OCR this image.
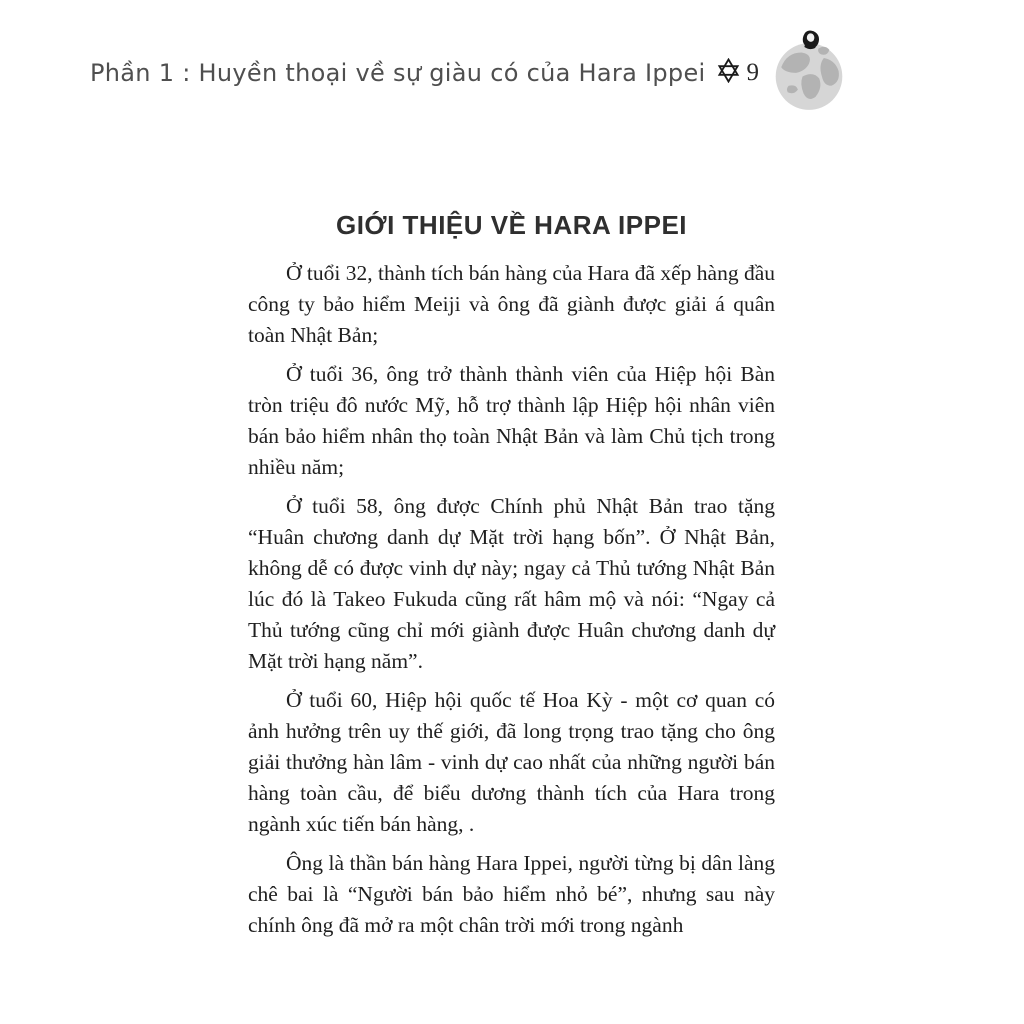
Phần 1 : Huyền thoại về sự giàu có của Hara Ippei 9
GIỚI THIỆU VỀ HARA IPPEI

Ở tuổi 32, thành tích bán hàng của Hara đã xếp hàng đầu công ty bảo hiểm Meiji và ông đã giành được giải á quân toàn Nhật Bản;

Ở tuổi 36, ông trở thành thành viên của Hiệp hội Bàn tròn triệu đô nước Mỹ, hỗ trợ thành lập Hiệp hội nhân viên bán bảo hiểm nhân thọ toàn Nhật Bản và làm Chủ tịch trong nhiều năm;

Ở tuổi 58, ông được Chính phủ Nhật Bản trao tặng “Huân chương danh dự Mặt trời hạng bốn”. Ở Nhật Bản, không dễ có được vinh dự này; ngay cả Thủ tướng Nhật Bản lúc đó là Takeo Fukuda cũng rất hâm mộ và nói: “Ngay cả Thủ tướng cũng chỉ mới giành được Huân chương danh dự Mặt trời hạng năm”.

Ở tuổi 60, Hiệp hội quốc tế Hoa Kỳ - một cơ quan có ảnh hưởng trên uy thế giới, đã long trọng trao tặng cho ông giải thưởng hàn lâm - vinh dự cao nhất của những người bán hàng toàn cầu, để biểu dương thành tích của Hara trong ngành xúc tiến bán hàng, .

Ông là thần bán hàng Hara Ippei, người từng bị dân làng chê bai là “Người bán bảo hiểm nhỏ bé”, nhưng sau này chính ông đã mở ra một chân trời mới trong ngành
